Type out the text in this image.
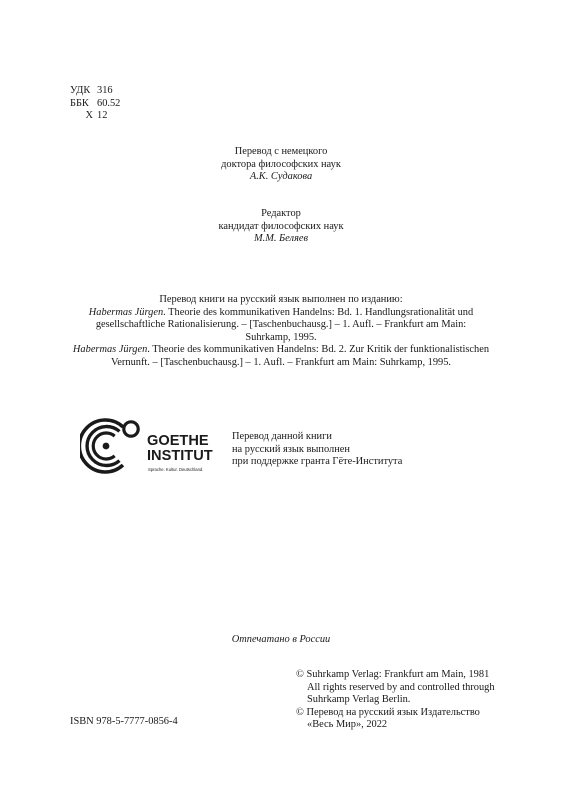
УДК 316
ББК 60.52
Х 12
Перевод с немецкого
доктора философских наук
А.К. Судакова
Редактор
кандидат философских наук
М.М. Беляев
Перевод книги на русский язык выполнен по изданию:
Habermas Jürgen. Theorie des kommunikativen Handelns: Bd. 1. Handlungsrationalität und
gesellschaftliche Rationalisierung. – [Taschenbuchausg.] – 1. Aufl. – Frankfurt am Main:
Suhrkamp, 1995.
Habermas Jürgen. Theorie des kommunikativen Handelns: Bd. 2. Zur Kritik der funktionalistischen
Vernunft. – [Taschenbuchausg.] – 1. Aufl. – Frankfurt am Main: Suhrkamp, 1995.
GOETHE
INSTITUT
Sprache. Kultur. Deutschland.
Перевод данной книги
на русский язык выполнен
при поддержке гранта Гёте-Института
Отпечатано в России
© Suhrkamp Verlag: Frankfurt am Main, 1981
All rights reserved by and controlled through
Suhrkamp Verlag Berlin.
© Перевод на русский язык Издательство
«Весь Мир», 2022
ISBN 978-5-7777-0856-4
